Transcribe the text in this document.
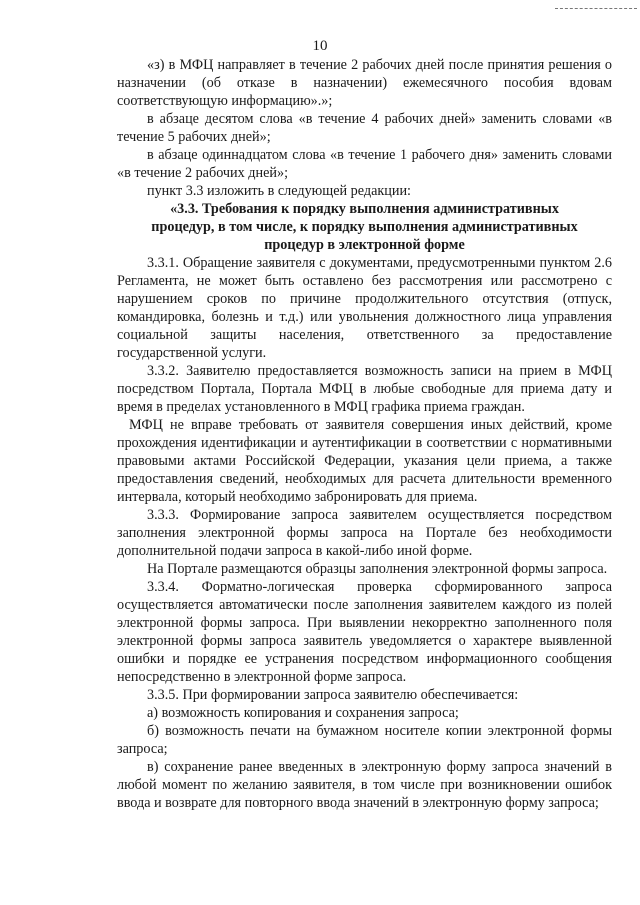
10

«з) в МФЦ направляет в течение 2 рабочих дней после принятия решения о назначении (об отказе в назначении) ежемесячного пособия вдовам соответствующую информацию».»;

в абзаце десятом слова «в течение 4 рабочих дней» заменить словами «в течение 5 рабочих дней»;

в абзаце одиннадцатом слова «в течение 1 рабочего дня» заменить словами «в течение 2 рабочих дней»;

пункт 3.3 изложить в следующей редакции:

«3.3. Требования к порядку выполнения административных процедур, в том числе, к порядку выполнения административных процедур в электронной форме

3.3.1. Обращение заявителя с документами, предусмотренными пунктом 2.6 Регламента, не может быть оставлено без рассмотрения или рассмотрено с нарушением сроков по причине продолжительного отсутствия (отпуск, командировка, болезнь и т.д.) или увольнения должностного лица управления социальной защиты населения, ответственного за предоставление государственной услуги.

3.3.2. Заявителю предоставляется возможность записи на прием в МФЦ посредством Портала, Портала МФЦ в любые свободные для приема дату и время в пределах установленного в МФЦ графика приема граждан.

МФЦ не вправе требовать от заявителя совершения иных действий, кроме прохождения идентификации и аутентификации в соответствии с нормативными правовыми актами Российской Федерации, указания цели приема, а также предоставления сведений, необходимых для расчета длительности временного интервала, который необходимо забронировать для приема.

3.3.3. Формирование запроса заявителем осуществляется посредством заполнения электронной формы запроса на Портале без необходимости дополнительной подачи запроса в какой-либо иной форме.

На Портале размещаются образцы заполнения электронной формы запроса.

3.3.4. Форматно-логическая проверка сформированного запроса осуществляется автоматически после заполнения заявителем каждого из полей электронной формы запроса. При выявлении некорректно заполненного поля электронной формы запроса заявитель уведомляется о характере выявленной ошибки и порядке ее устранения посредством информационного сообщения непосредственно в электронной форме запроса.

3.3.5. При формировании запроса заявителю обеспечивается:

а) возможность копирования и сохранения запроса;

б) возможность печати на бумажном носителе копии электронной формы запроса;

в) сохранение ранее введенных в электронную форму запроса значений в любой момент по желанию заявителя, в том числе при возникновении ошибок ввода и возврате для повторного ввода значений в электронную форму запроса;
